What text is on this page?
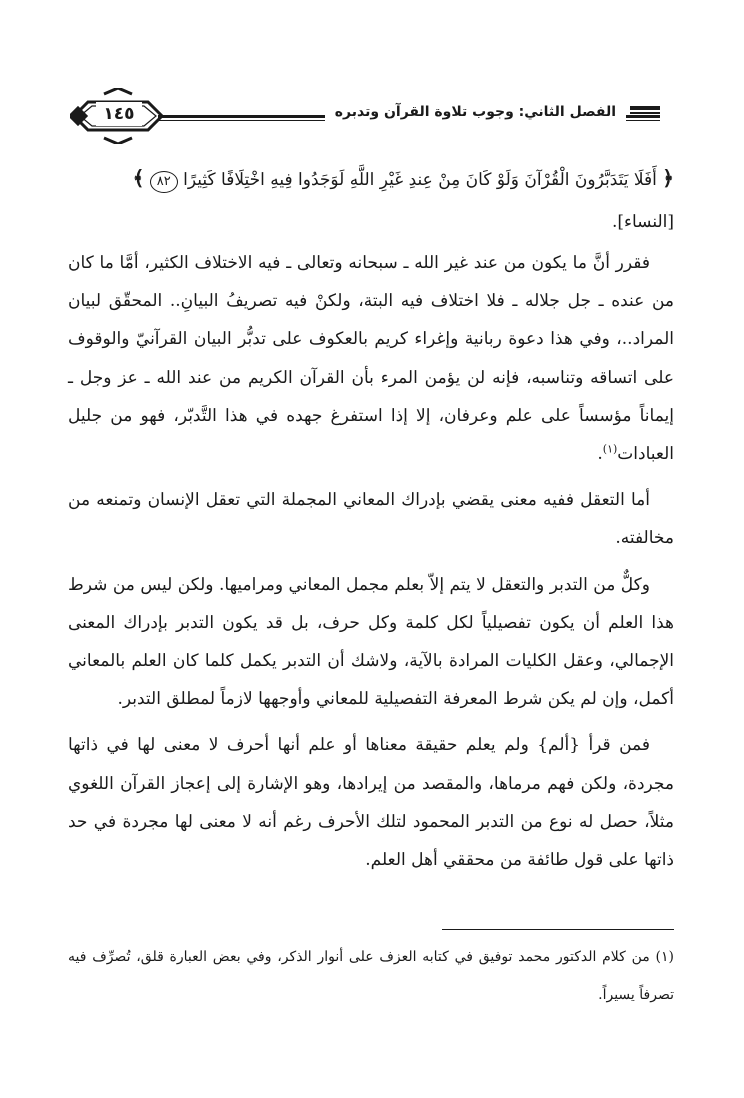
١٤٥	الفصل الثاني: وجوب تلاوة القرآن وتدبره
﴿ أَفَلَا يَتَدَبَّرُونَ الْقُرْآنَ وَلَوْ كَانَ مِنْ عِندِ غَيْرِ اللَّهِ لَوَجَدُوا فِيهِ اخْتِلَافًا كَثِيرًا ٨٢ ﴾
[النساء].

فقرر أنَّ ما يكون من عند غير الله ـ سبحانه وتعالى ـ فيه الاختلاف الكثير، أمَّا ما كان من عنده ـ جل جلاله ـ فلا اختلاف فيه البتة، ولكنْ فيه تصريفُ البيانِ.. المحقّق لبيان المراد..، وفي هذا دعوة ربانية وإغراء كريم بالعكوف على تدبُّر البيان القرآنيّ والوقوف على اتساقه وتناسبه، فإنه لن يؤمن المرء بأن القرآن الكريم من عند الله ـ عز وجل ـ إيماناً مؤسساً على علم وعرفان، إلا إذا استفرغ جهده في هذا التَّدبّر، فهو من جليل العبادات$^{(١)}$.

أما التعقل ففيه معنى يقضي بإدراك المعاني المجملة التي تعقل الإنسان وتمنعه من مخالفته.

وكلٌّ من التدبر والتعقل لا يتم إلاّ بعلم مجمل المعاني ومراميها. ولكن ليس من شرط هذا العلم أن يكون تفصيلياً لكل كلمة وكل حرف، بل قد يكون التدبر بإدراك المعنى الإجمالي، وعقل الكليات المرادة بالآية، ولاشك أن التدبر يكمل كلما كان العلم بالمعاني أكمل، وإن لم يكن شرط المعرفة التفصيلية للمعاني وأوجهها لازماً لمطلق التدبر.

فمن قرأ {ألم} ولم يعلم حقيقة معناها أو علم أنها أحرف لا معنى لها في ذاتها مجردة، ولكن فهم مرماها، والمقصد من إيرادها، وهو الإشارة إلى إعجاز القرآن اللغوي مثلاً، حصل له نوع من التدبر المحمود لتلك الأحرف رغم أنه لا معنى لها مجردة في حد ذاتها على قول طائفة من محققي أهل العلم.

(١) من كلام الدكتور محمد توفيق في كتابه العزف على أنوار الذكر، وفي بعض العبارة قلق، تُصرِّف فيه تصرفاً يسيراً.
